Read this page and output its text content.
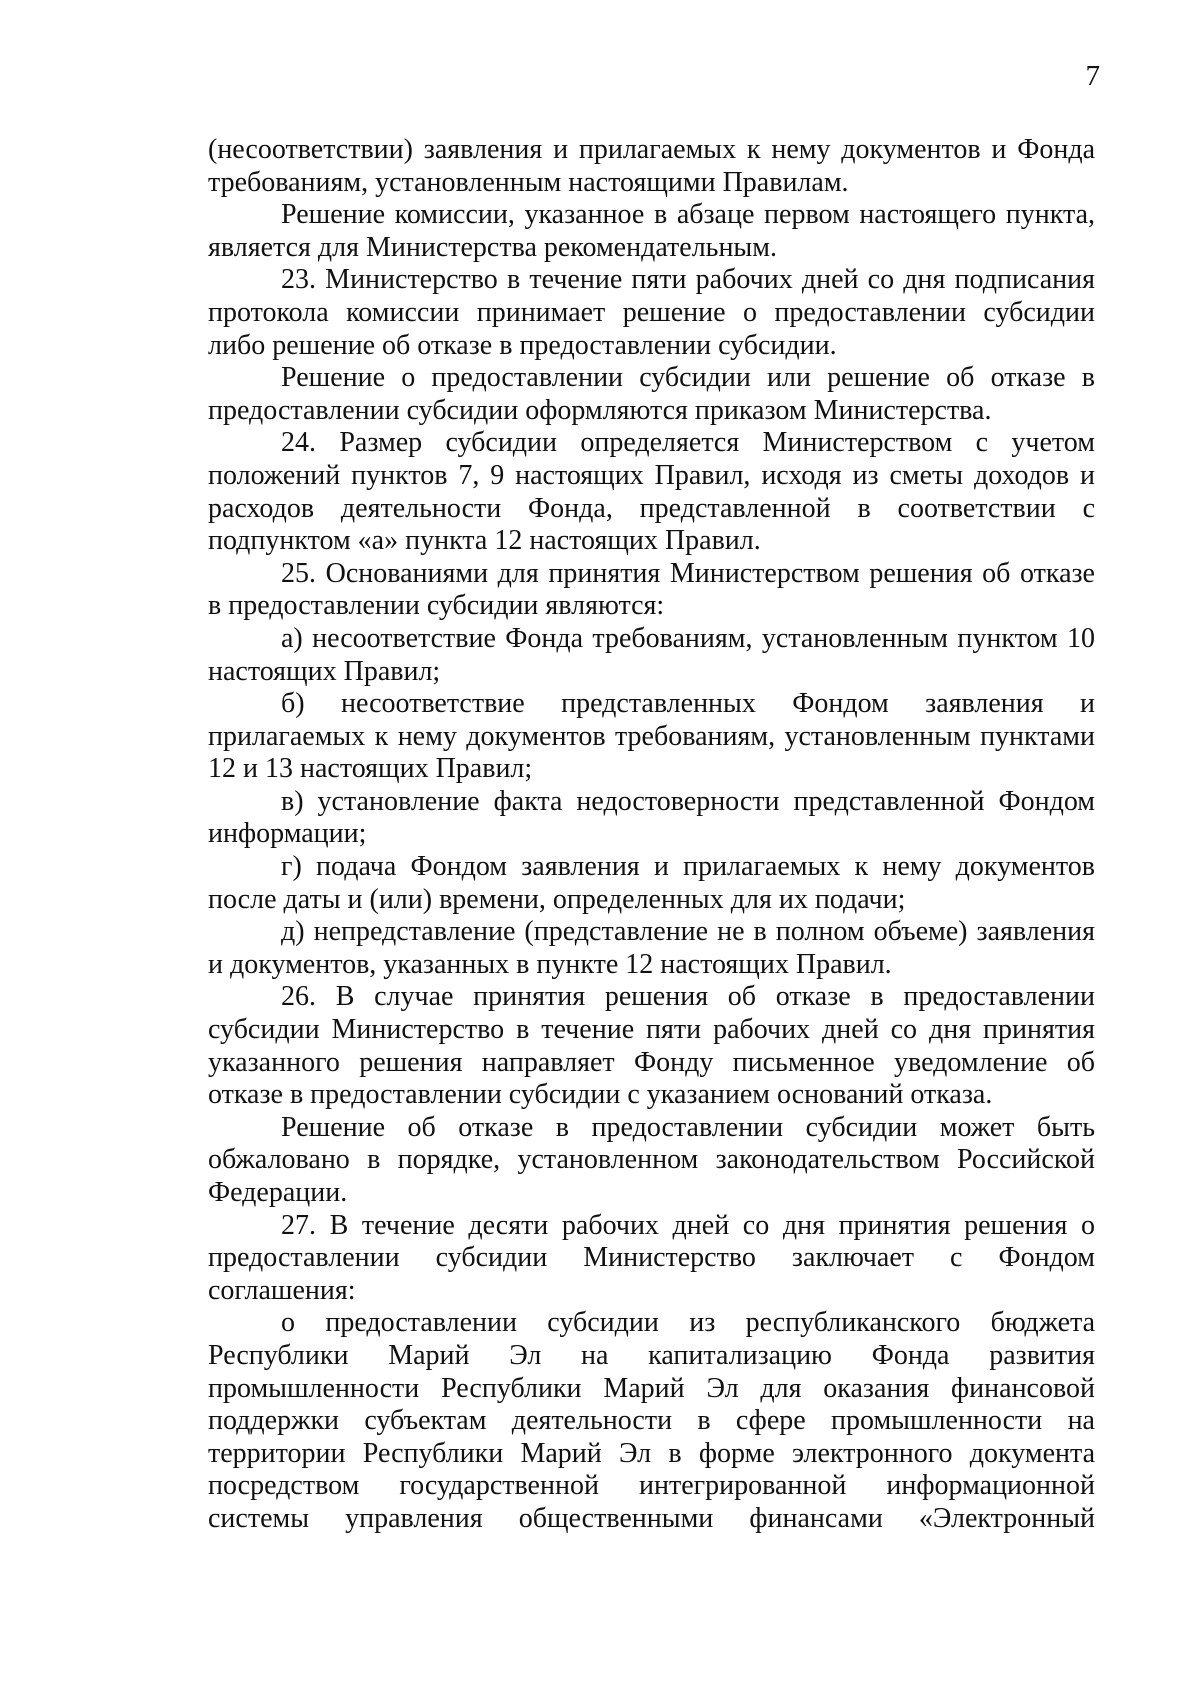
7

(несоответствии) заявления и прилагаемых к нему документов и Фонда требованиям, установленным настоящими Правилам.

Решение комиссии, указанное в абзаце первом настоящего пункта, является для Министерства рекомендательным.

23. Министерство в течение пяти рабочих дней со дня подписания протокола комиссии принимает решение о предоставлении субсидии либо решение об отказе в предоставлении субсидии.

Решение о предоставлении субсидии или решение об отказе в предоставлении субсидии оформляются приказом Министерства.

24. Размер субсидии определяется Министерством с учетом положений пунктов 7, 9 настоящих Правил, исходя из сметы доходов и расходов деятельности Фонда, представленной в соответствии с подпунктом «а» пункта 12 настоящих Правил.

25. Основаниями для принятия Министерством решения об отказе в предоставлении субсидии являются:

а) несоответствие Фонда требованиям, установленным пунктом 10 настоящих Правил;

б) несоответствие представленных Фондом заявления и прилагаемых к нему документов требованиям, установленным пунктами 12 и 13 настоящих Правил;

в) установление факта недостоверности представленной Фондом информации;

г) подача Фондом заявления и прилагаемых к нему документов после даты и (или) времени, определенных для их подачи;

д) непредставление (представление не в полном объеме) заявления и документов, указанных в пункте 12 настоящих Правил.

26. В случае принятия решения об отказе в предоставлении субсидии Министерство в течение пяти рабочих дней со дня принятия указанного решения направляет Фонду письменное уведомление об отказе в предоставлении субсидии с указанием оснований отказа.

Решение об отказе в предоставлении субсидии может быть обжаловано в порядке, установленном законодательством Российской Федерации.

27. В течение десяти рабочих дней со дня принятия решения о предоставлении субсидии Министерство заключает с Фондом соглашения:

о предоставлении субсидии из республиканского бюджета Республики Марий Эл на капитализацию Фонда развития промышленности Республики Марий Эл для оказания финансовой поддержки субъектам деятельности в сфере промышленности на территории Республики Марий Эл в форме электронного документа посредством государственной интегрированной информационной системы управления общественными финансами «Электронный
